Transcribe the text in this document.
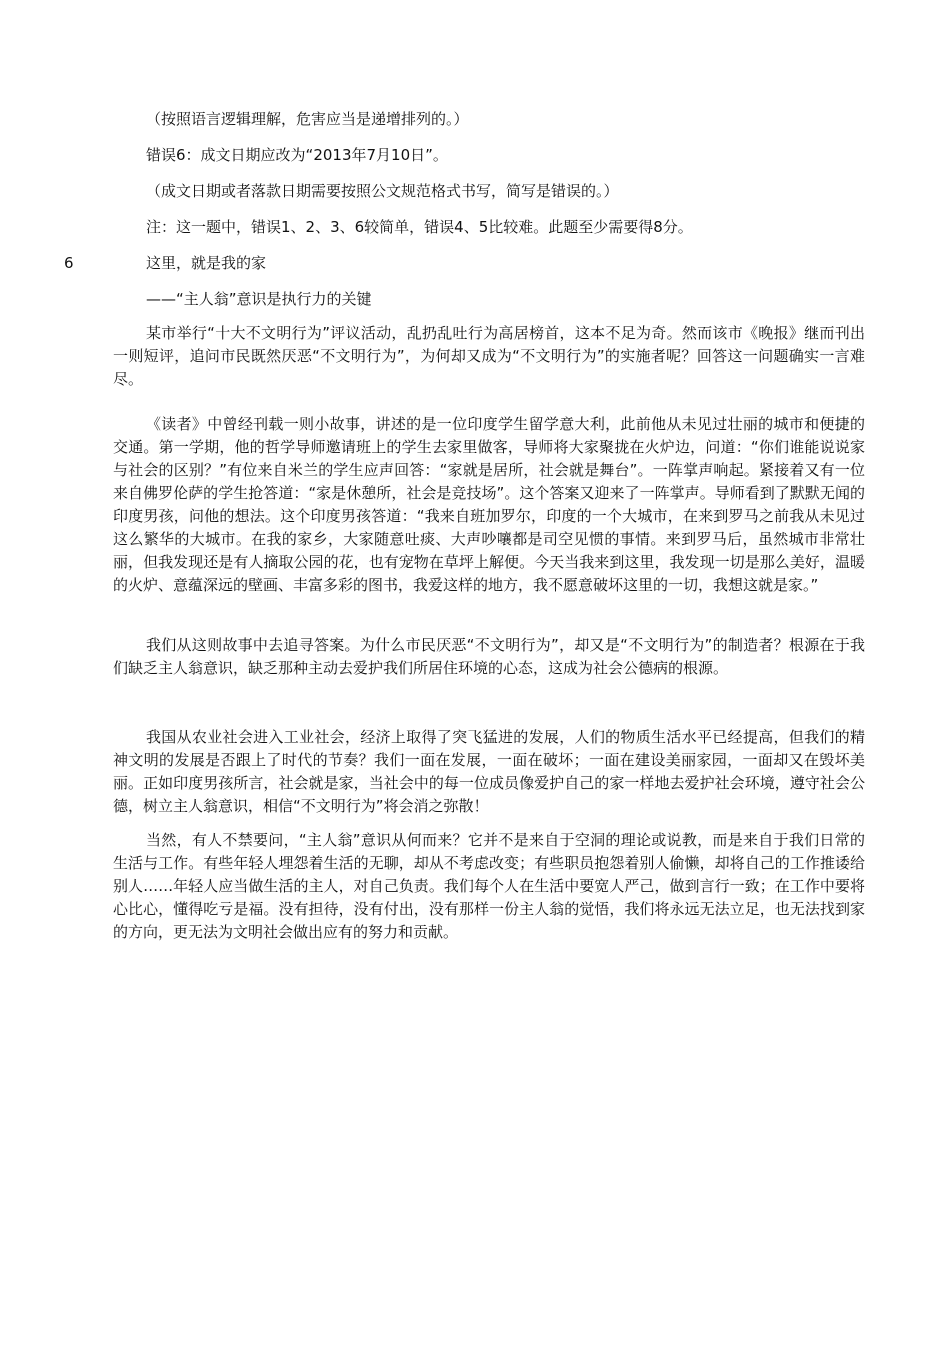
（按照语言逻辑理解，危害应当是递增排列的。）
错误6：成文日期应改为“2013年7月10日”。
（成文日期或者落款日期需要按照公文规范格式书写，简写是错误的。）
注：这一题中，错误1、2、3、6较简单，错误4、5比较难。此题至少需要得8分。
6	这里，就是我的家
——“主人翁”意识是执行力的关键

某市举行“十大不文明行为”评议活动，乱扔乱吐行为高居榜首，这本不足为奇。然而该市《晚报》继而刊出一则短评，追问市民既然厌恶“不文明行为”，为何却又成为“不文明行为”的实施者呢？回答这一问题确实一言难尽。

《读者》中曾经刊载一则小故事，讲述的是一位印度学生留学意大利，此前他从未见过壮丽的城市和便捷的交通。第一学期，他的哲学导师邀请班上的学生去家里做客，导师将大家聚拢在火炉边，问道：“你们谁能说说家与社会的区别？”有位来自米兰的学生应声回答：“家就是居所，社会就是舞台”。一阵掌声响起。紧接着又有一位来自佛罗伦萨的学生抢答道：“家是休憩所，社会是竞技场”。这个答案又迎来了一阵掌声。导师看到了默默无闻的印度男孩，问他的想法。这个印度男孩答道：“我来自班加罗尔，印度的一个大城市，在来到罗马之前我从未见过这么繁华的大城市。在我的家乡，大家随意吐痰、大声吵嚷都是司空见惯的事情。来到罗马后，虽然城市非常壮丽，但我发现还是有人摘取公园的花，也有宠物在草坪上解便。今天当我来到这里，我发现一切是那么美好，温暖的火炉、意蕴深远的壁画、丰富多彩的图书，我爱这样的地方，我不愿意破坏这里的一切，我想这就是家。”

我们从这则故事中去追寻答案。为什么市民厌恶“不文明行为”，却又是“不文明行为”的制造者？根源在于我们缺乏主人翁意识，缺乏那种主动去爱护我们所居住环境的心态，这成为社会公德病的根源。

我国从农业社会进入工业社会，经济上取得了突飞猛进的发展，人们的物质生活水平已经提高，但我们的精神文明的发展是否跟上了时代的节奏？我们一面在发展，一面在破坏；一面在建设美丽家园，一面却又在毁坏美丽。正如印度男孩所言，社会就是家，当社会中的每一位成员像爱护自己的家一样地去爱护社会环境，遵守社会公德，树立主人翁意识，相信“不文明行为”将会消之弥散！

当然，有人不禁要问，“主人翁”意识从何而来？它并不是来自于空洞的理论或说教，而是来自于我们日常的生活与工作。有些年轻人埋怨着生活的无聊，却从不考虑改变；有些职员抱怨着别人偷懒，却将自己的工作推诿给别人……年轻人应当做生活的主人，对自己负责。我们每个人在生活中要宽人严己，做到言行一致；在工作中要将心比心，懂得吃亏是福。没有担待，没有付出，没有那样一份主人翁的觉悟，我们将永远无法立足，也无法找到家的方向，更无法为文明社会做出应有的努力和贡献。
